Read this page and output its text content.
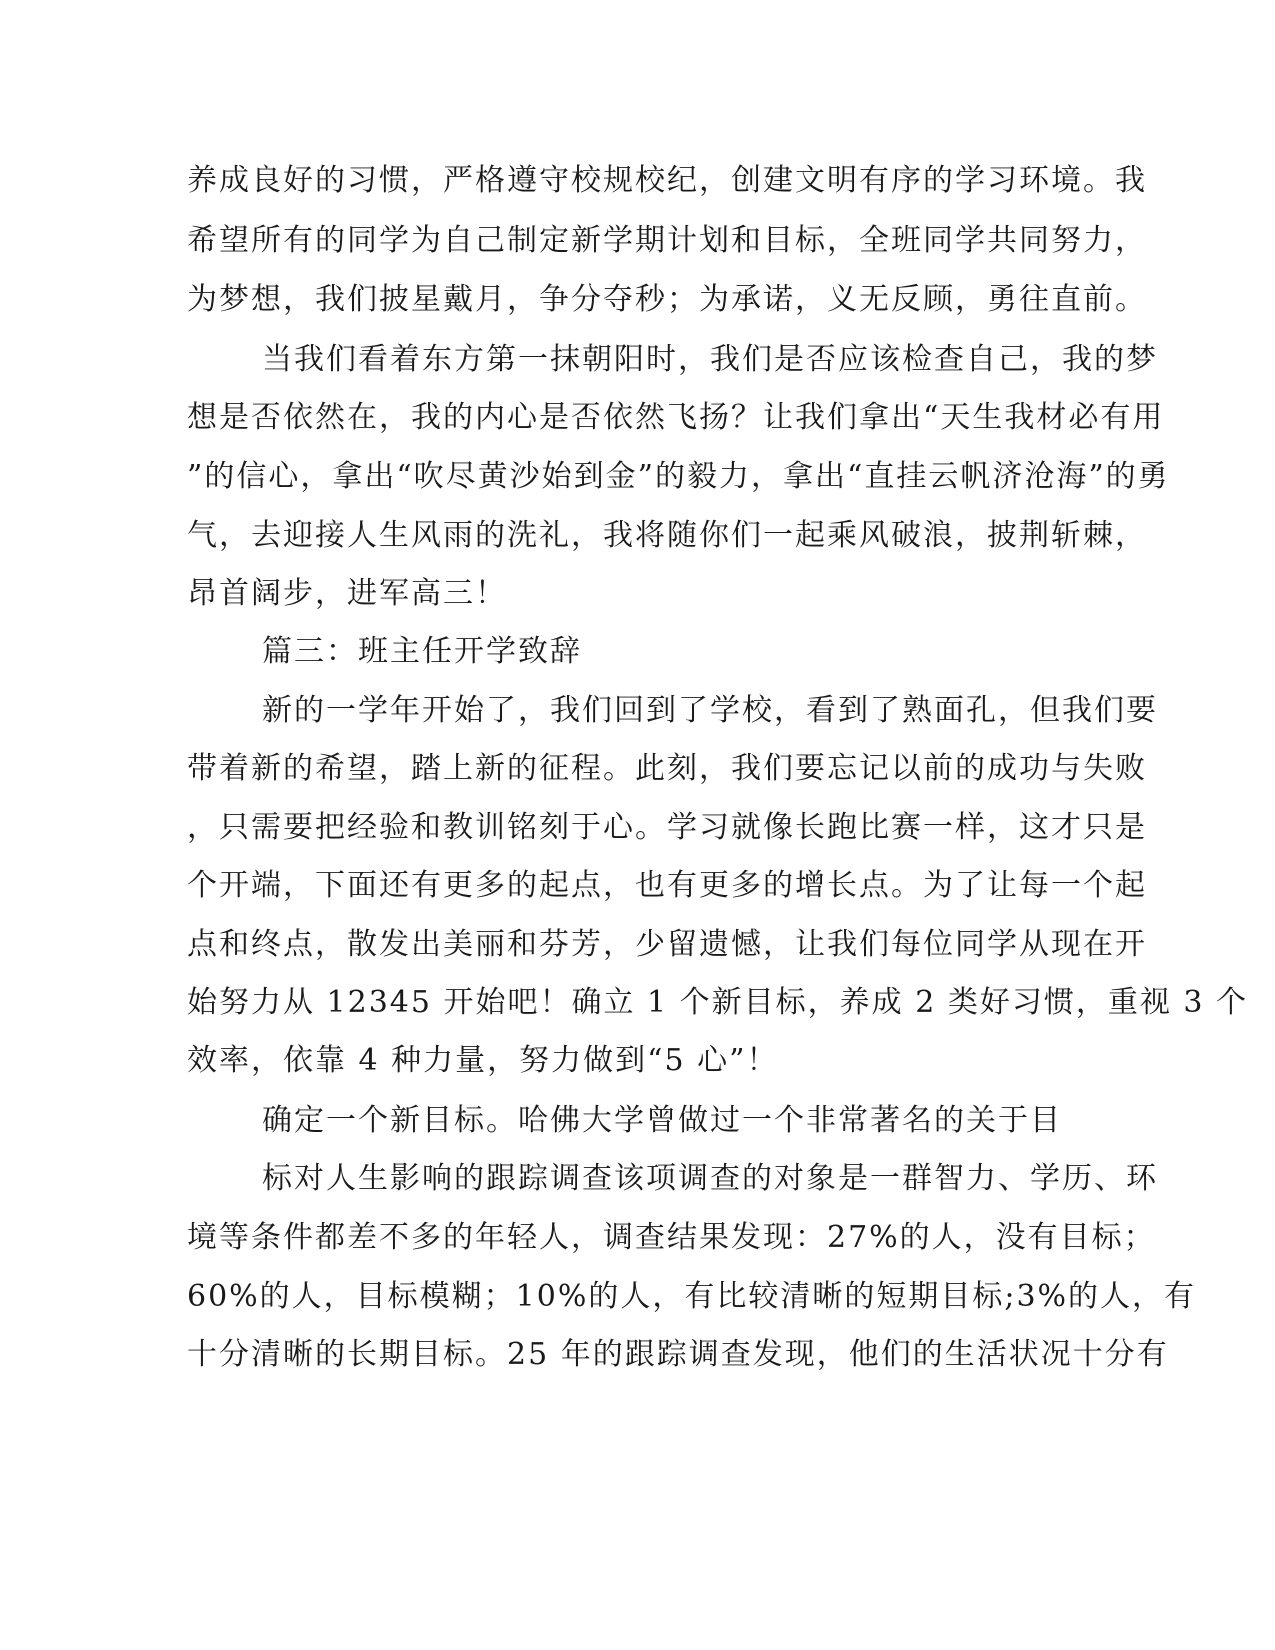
养成良好的习惯，严格遵守校规校纪，创建文明有序的学习环境。我
希望所有的同学为自己制定新学期计划和目标，全班同学共同努力，
为梦想，我们披星戴月，争分夺秒；为承诺，义无反顾，勇往直前。
当我们看着东方第一抹朝阳时，我们是否应该检查自己，我的梦
想是否依然在，我的内心是否依然飞扬？让我们拿出“天生我材必有用
”的信心，拿出“吹尽黄沙始到金”的毅力，拿出“直挂云帆济沧海”的勇
气，去迎接人生风雨的洗礼，我将随你们一起乘风破浪，披荆斩棘，
昂首阔步，进军高三！
篇三：班主任开学致辞
新的一学年开始了，我们回到了学校，看到了熟面孔，但我们要
带着新的希望，踏上新的征程。此刻，我们要忘记以前的成功与失败
，只需要把经验和教训铭刻于心。学习就像长跑比赛一样，这才只是
个开端，下面还有更多的起点，也有更多的增长点。为了让每一个起
点和终点，散发出美丽和芬芳，少留遗憾，让我们每位同学从现在开
始努力从 12345 开始吧！确立 1 个新目标，养成 2 类好习惯，重视 3 个
效率，依靠 4 种力量，努力做到“5 心”！
确定一个新目标。哈佛大学曾做过一个非常著名的关于目
标对人生影响的跟踪调查该项调查的对象是一群智力、学历、环
境等条件都差不多的年轻人，调查结果发现：27%的人，没有目标；
60%的人，目标模糊；10%的人，有比较清晰的短期目标;3%的人，有
十分清晰的长期目标。25 年的跟踪调查发现，他们的生活状况十分有
